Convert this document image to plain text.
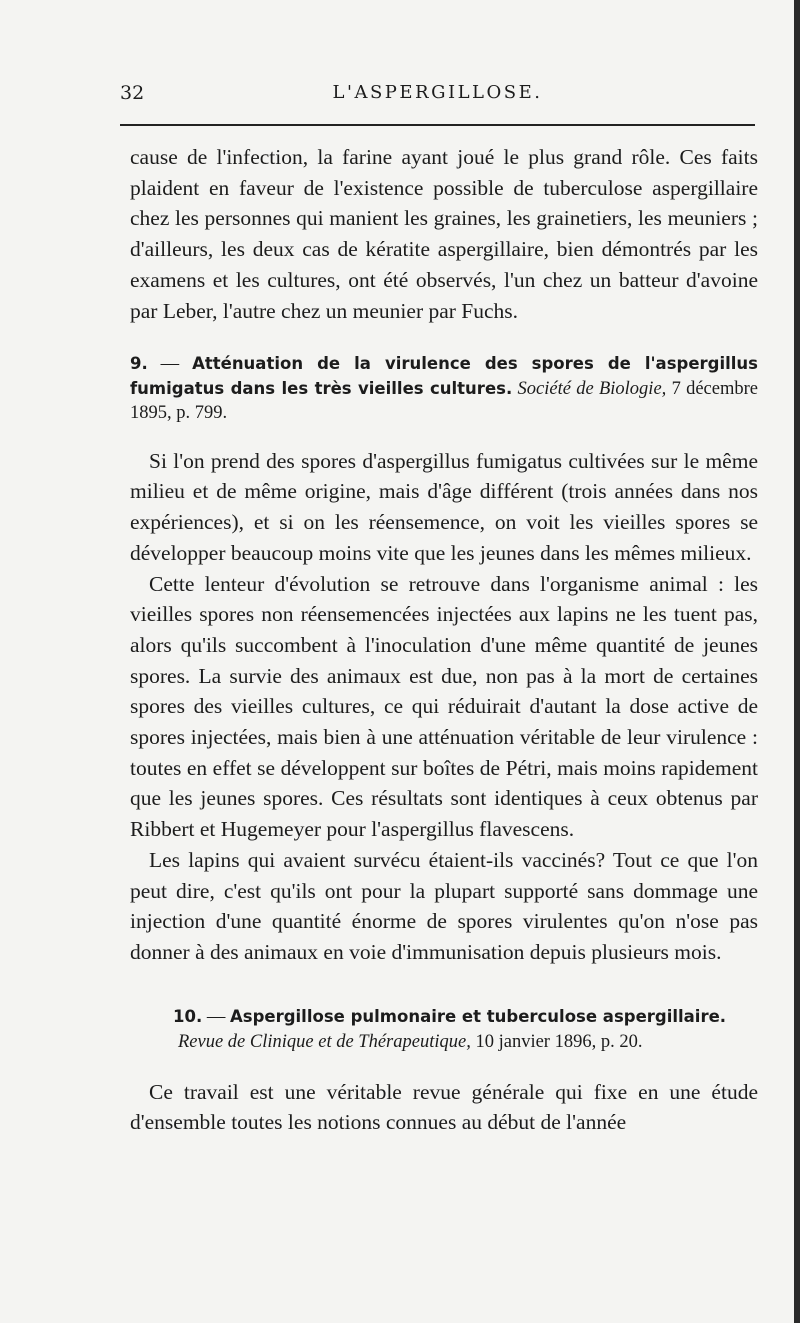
32	L'ASPERGILLOSE.

cause de l'infection, la farine ayant joué le plus grand rôle. Ces faits plaident en faveur de l'existence possible de tuberculose aspergillaire chez les personnes qui manient les graines, les grainetiers, les meuniers ; d'ailleurs, les deux cas de kératite aspergillaire, bien démontrés par les examens et les cultures, ont été observés, l'un chez un batteur d'avoine par Leber, l'autre chez un meunier par Fuchs.

9. — Atténuation de la virulence des spores de l'aspergillus fumigatus dans les très vieilles cultures. Société de Biologie, 7 décembre 1895, p. 799.

Si l'on prend des spores d'aspergillus fumigatus cultivées sur le même milieu et de même origine, mais d'âge différent (trois années dans nos expériences), et si on les réensemence, on voit les vieilles spores se développer beaucoup moins vite que les jeunes dans les mêmes milieux.

Cette lenteur d'évolution se retrouve dans l'organisme animal : les vieilles spores non réensemencées injectées aux lapins ne les tuent pas, alors qu'ils succombent à l'inoculation d'une même quantité de jeunes spores. La survie des animaux est due, non pas à la mort de certaines spores des vieilles cultures, ce qui réduirait d'autant la dose active de spores injectées, mais bien à une atténuation véritable de leur virulence : toutes en effet se développent sur boîtes de Pétri, mais moins rapidement que les jeunes spores. Ces résultats sont identiques à ceux obtenus par Ribbert et Hugemeyer pour l'aspergillus flavescens.

Les lapins qui avaient survécu étaient-ils vaccinés? Tout ce que l'on peut dire, c'est qu'ils ont pour la plupart supporté sans dommage une injection d'une quantité énorme de spores virulentes qu'on n'ose pas donner à des animaux en voie d'immunisation depuis plusieurs mois.

10. — Aspergillose pulmonaire et tuberculose aspergillaire.
Revue de Clinique et de Thérapeutique, 10 janvier 1896, p. 20.

Ce travail est une véritable revue générale qui fixe en une étude d'ensemble toutes les notions connues au début de l'année
